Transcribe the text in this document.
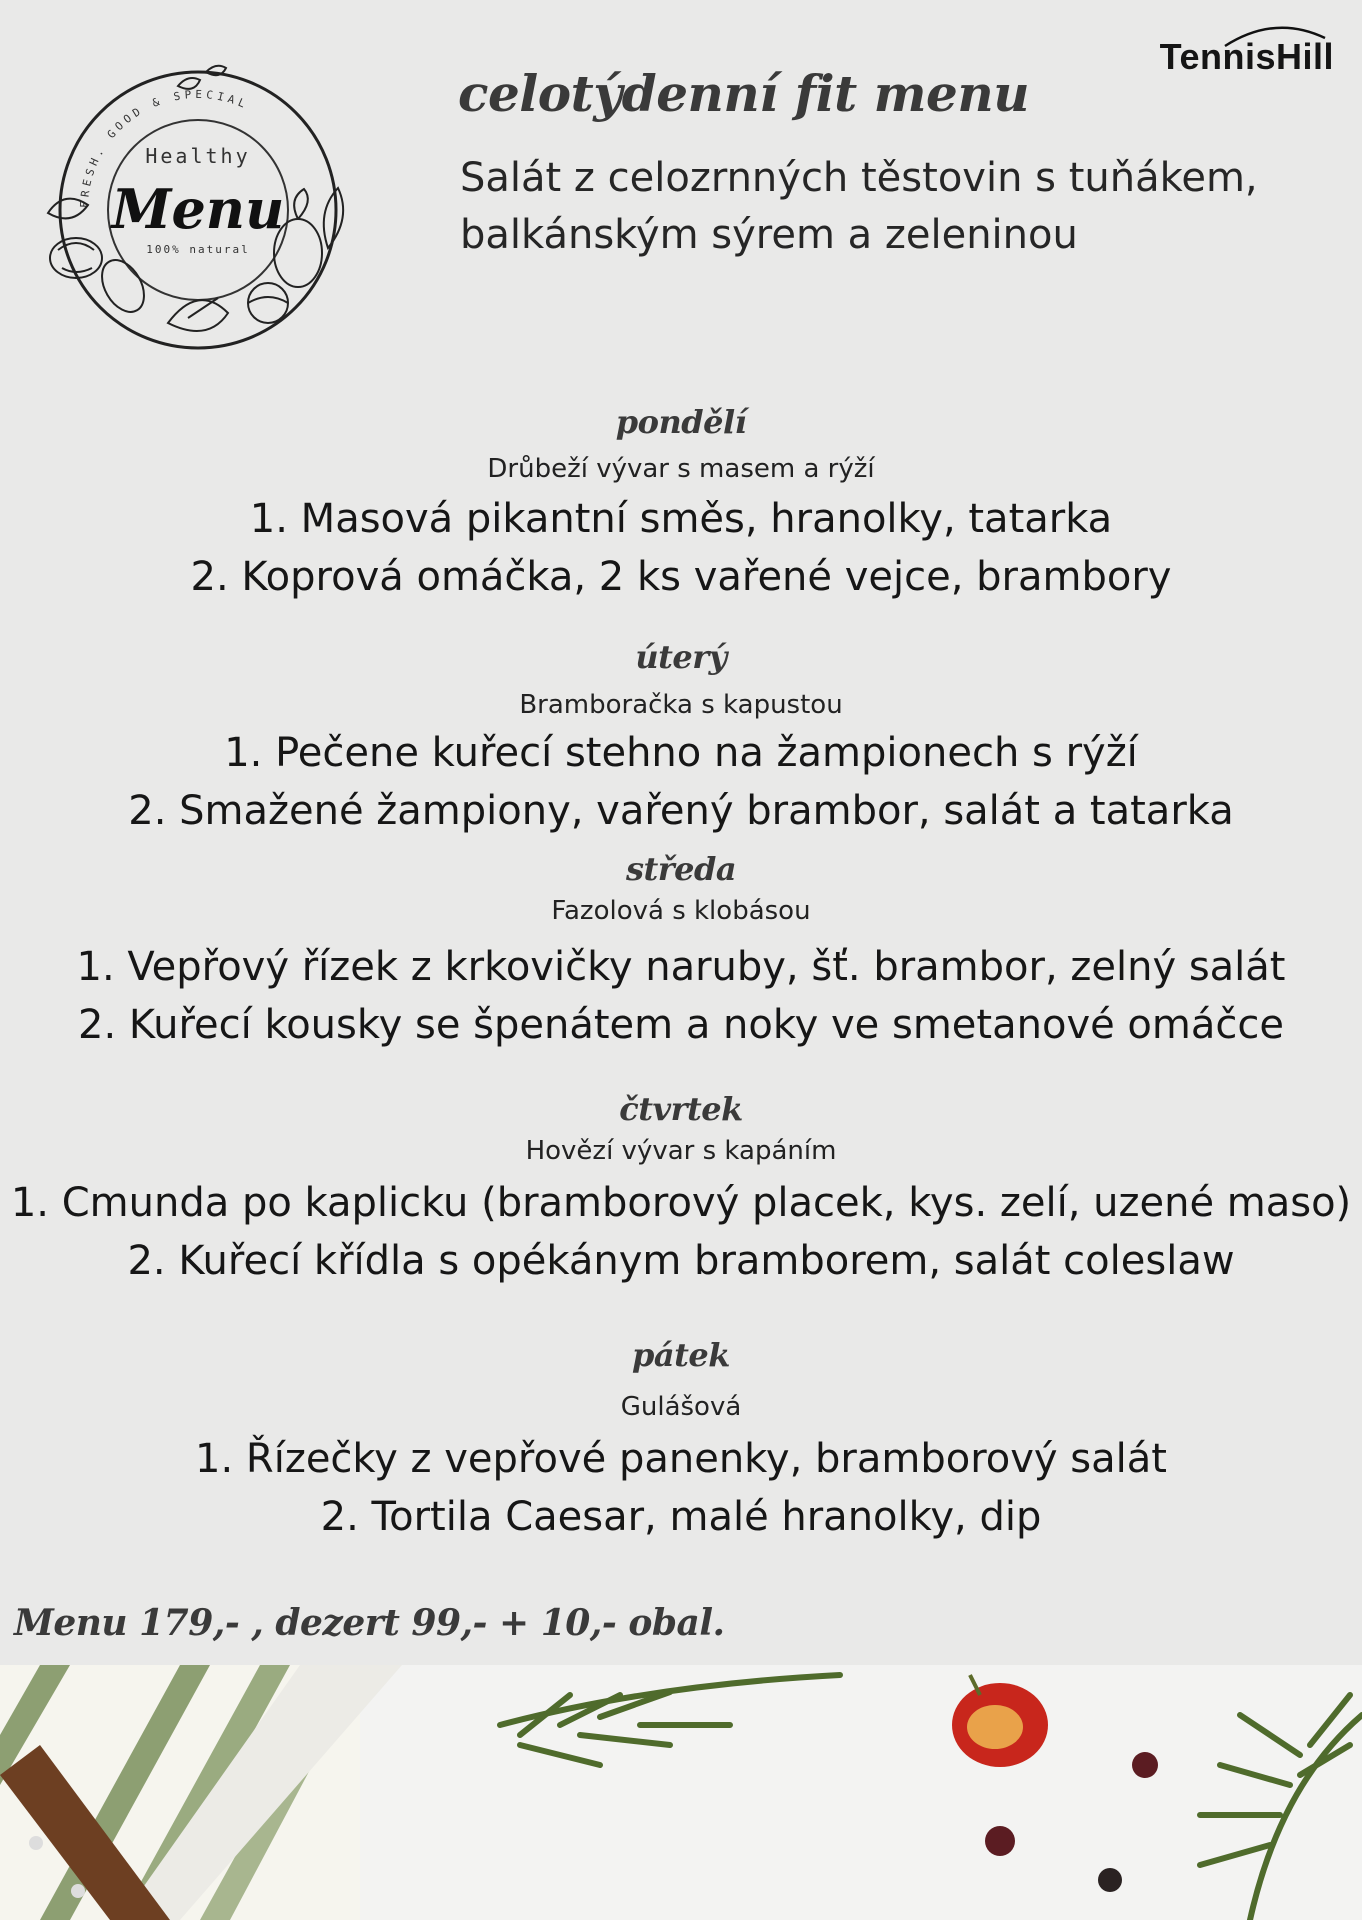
FRESH. GOOD & SPECIAL
Healthy
Menu
100% natural
TennisHill
celotýdenní fit menu
Salát z celozrnných těstovin s tuňákem,
balkánským sýrem a zeleninou
pondělí
Drůbeží vývar s masem a rýží
1. Masová pikantní směs, hranolky, tatarka
2. Koprová omáčka, 2 ks vařené vejce, brambory
úterý
Bramboračka s kapustou
1. Pečene kuřecí stehno na žampionech s rýží
2. Smažené žampiony, vařený brambor, salát a tatarka
středa
Fazolová s klobásou
1. Vepřový řízek z krkovičky naruby, šť. brambor, zelný salát
2. Kuřecí kousky se špenátem a noky ve smetanové omáčce
čtvrtek
Hovězí vývar s kapáním
1. Cmunda po kaplicku (bramborový placek, kys. zelí, uzené maso)
2. Kuřecí křídla s opékánym bramborem, salát coleslaw
pátek
Gulášová
1. Řízečky z vepřové panenky, bramborový salát
2. Tortila Caesar, malé hranolky, dip
Menu 179,- , dezert 99,- + 10,- obal.
